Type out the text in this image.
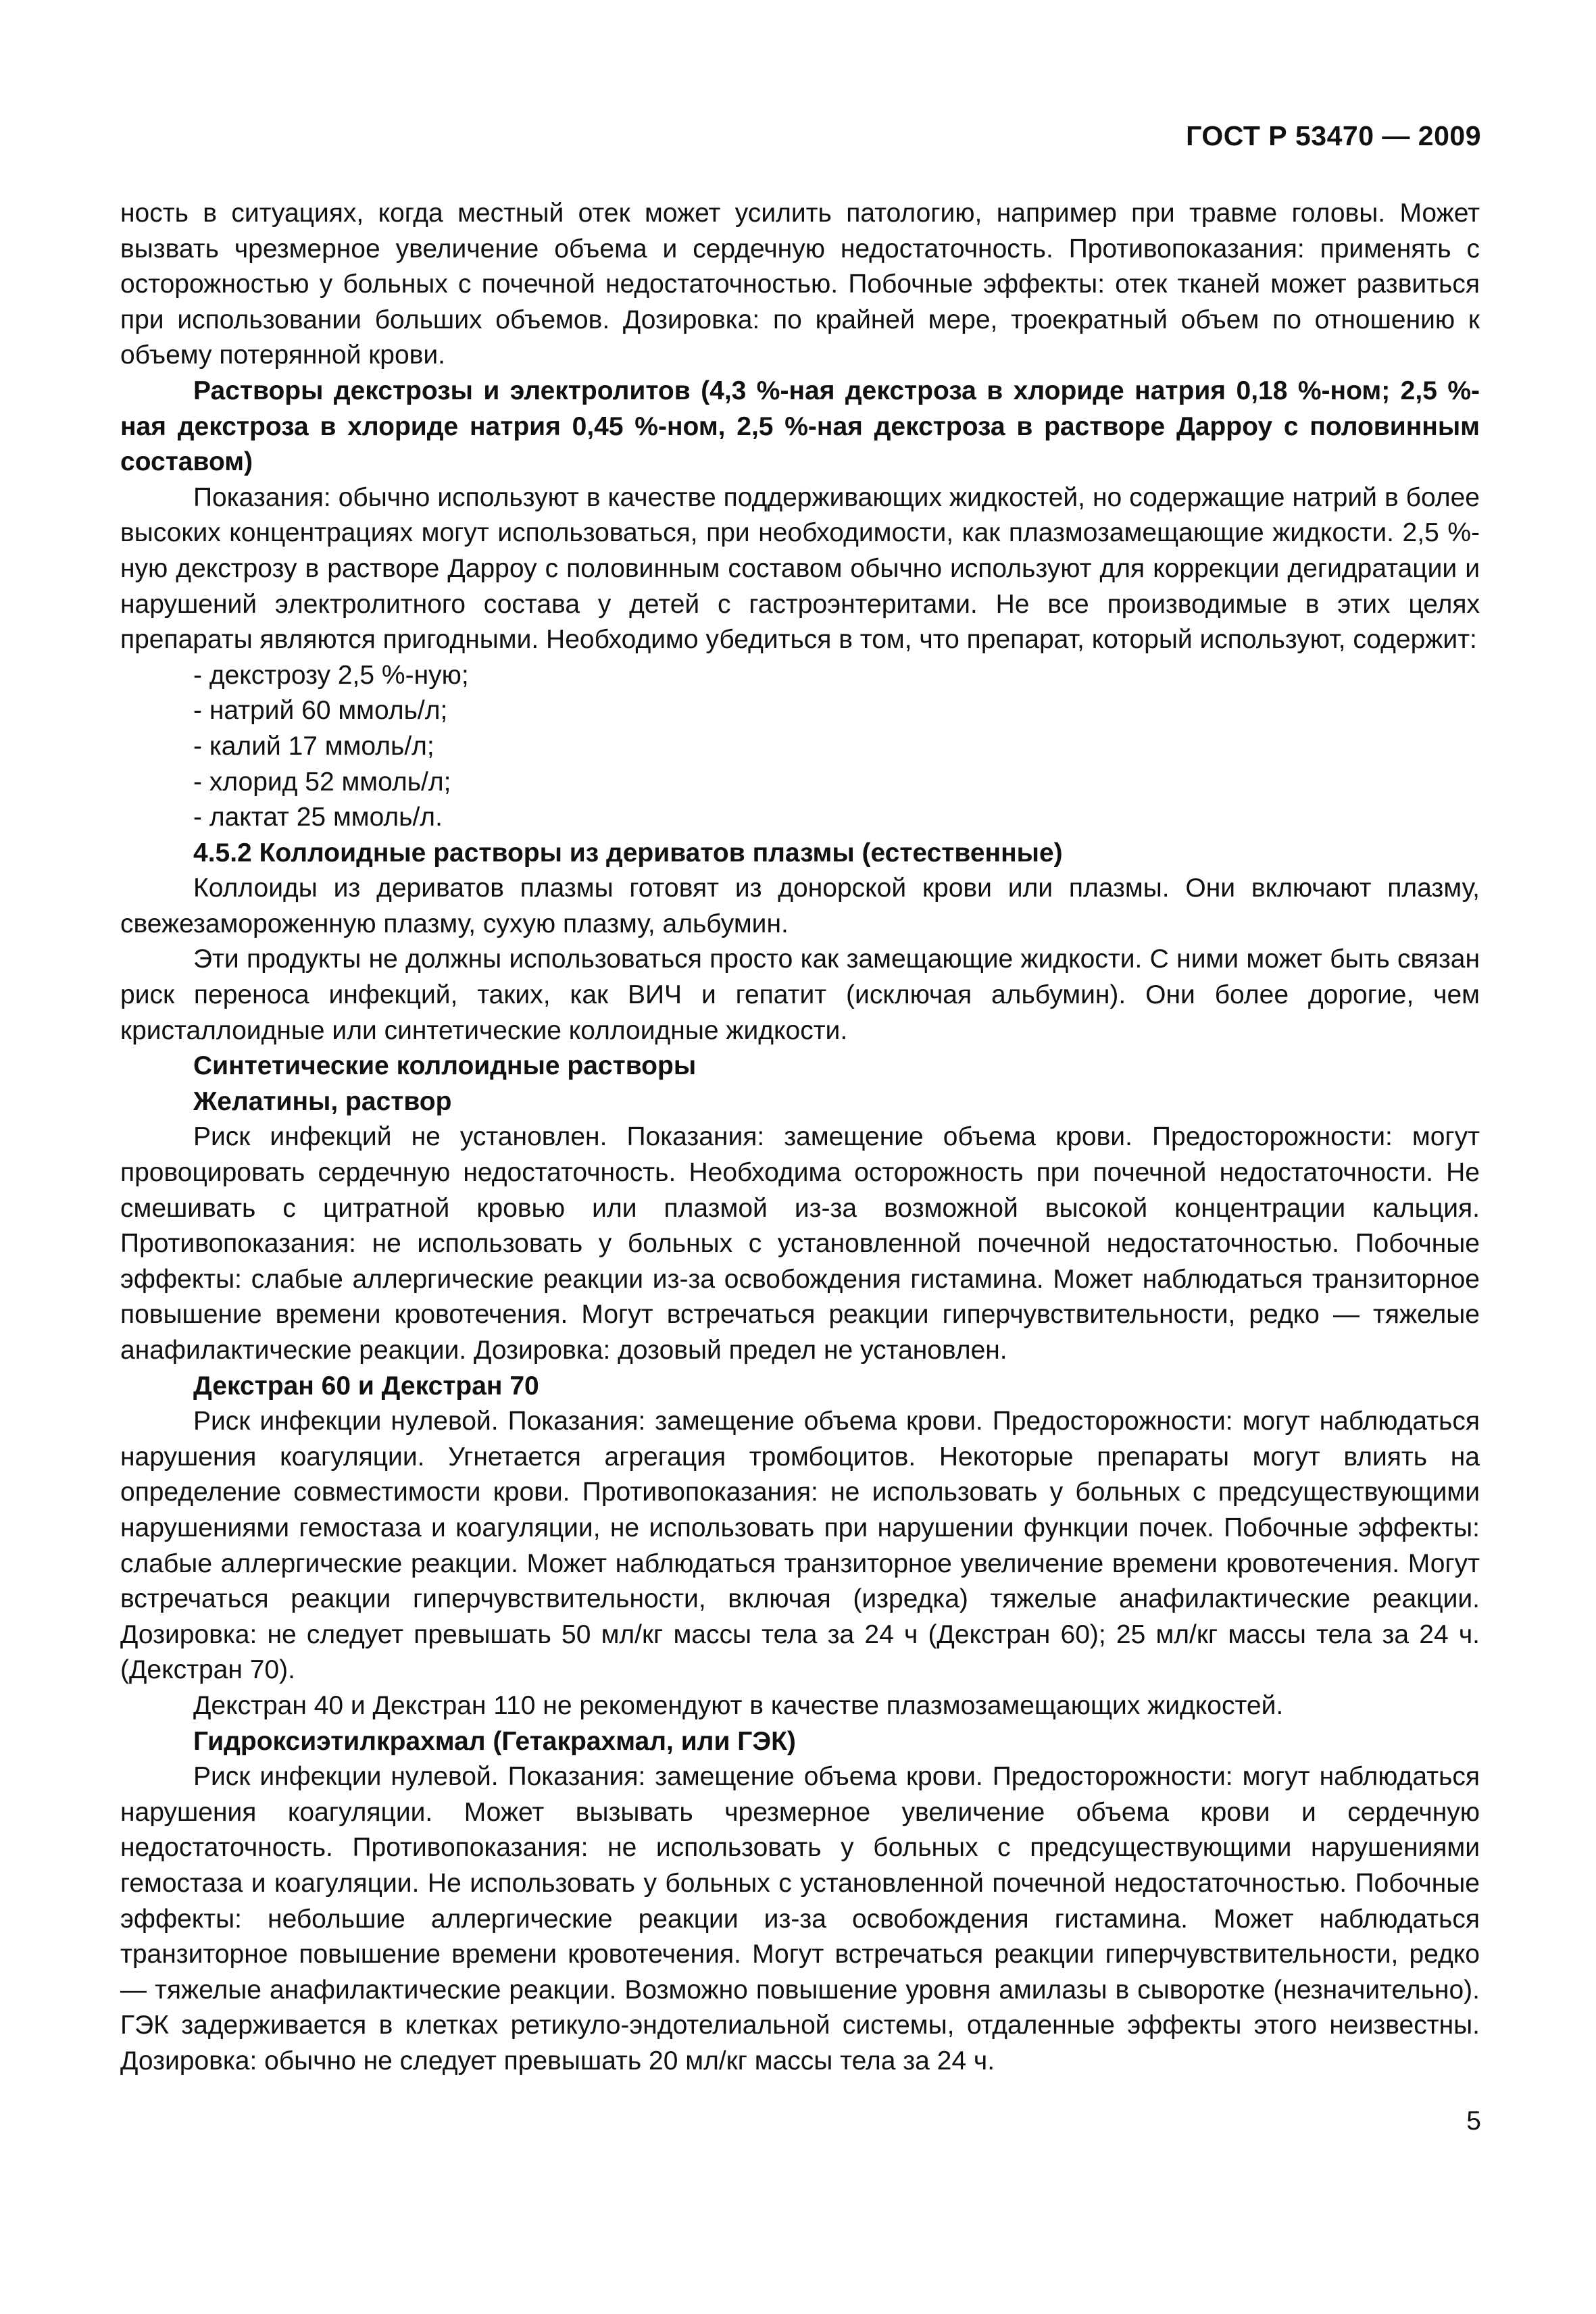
ГОСТ Р 53470 — 2009

ность в ситуациях, когда местный отек может усилить патологию, например при травме головы. Может вызвать чрезмерное увеличение объема и сердечную недостаточность. Противопоказания: применять с осторожностью у больных с почечной недостаточностью. Побочные эффекты: отек тканей может развиться при использовании больших объемов. Дозировка: по крайней мере, троекратный объем по отношению к объему потерянной крови.

Растворы декстрозы и электролитов (4,3 %-ная декстроза в хлориде натрия 0,18 %-ном; 2,5 %-ная декстроза в хлориде натрия 0,45 %-ном, 2,5 %-ная декстроза в растворе Дарроу с половинным составом)

Показания: обычно используют в качестве поддерживающих жидкостей, но содержащие натрий в более высоких концентрациях могут использоваться, при необходимости, как плазмозамещающие жидкости. 2,5 %-ную декстрозу в растворе Дарроу с половинным составом обычно используют для коррекции дегидратации и нарушений электролитного состава у детей с гастроэнтеритами. Не все производимые в этих целях препараты являются пригодными. Необходимо убедиться в том, что препарат, который используют, содержит:

- декстрозу 2,5 %-ную;

- натрий 60 ммоль/л;

- калий 17 ммоль/л;

- хлорид 52 ммоль/л;

- лактат 25 ммоль/л.

4.5.2 Коллоидные растворы из дериватов плазмы (естественные)

Коллоиды из дериватов плазмы готовят из донорской крови или плазмы. Они включают плазму, свежезамороженную плазму, сухую плазму, альбумин.

Эти продукты не должны использоваться просто как замещающие жидкости. С ними может быть связан риск переноса инфекций, таких, как ВИЧ и гепатит (исключая альбумин). Они более дорогие, чем кристаллоидные или синтетические коллоидные жидкости.

Синтетические коллоидные растворы

Желатины, раствор

Риск инфекций не установлен. Показания: замещение объема крови. Предосторожности: могут провоцировать сердечную недостаточность. Необходима осторожность при почечной недостаточности. Не смешивать с цитратной кровью или плазмой из-за возможной высокой концентрации кальция. Противопоказания: не использовать у больных с установленной почечной недостаточностью. Побочные эффекты: слабые аллергические реакции из-за освобождения гистамина. Может наблюдаться транзиторное повышение времени кровотечения. Могут встречаться реакции гиперчувствительности, редко — тяжелые анафилактические реакции. Дозировка: дозовый предел не установлен.

Декстран 60 и Декстран 70

Риск инфекции нулевой. Показания: замещение объема крови. Предосторожности: могут наблюдаться нарушения коагуляции. Угнетается агрегация тромбоцитов. Некоторые препараты могут влиять на определение совместимости крови. Противопоказания: не использовать у больных с предсуществующими нарушениями гемостаза и коагуляции, не использовать при нарушении функции почек. Побочные эффекты: слабые аллергические реакции. Может наблюдаться транзиторное увеличение времени кровотечения. Могут встречаться реакции гиперчувствительности, включая (изредка) тяжелые анафилактические реакции. Дозировка: не следует превышать 50 мл/кг массы тела за 24 ч (Декстран 60); 25 мл/кг массы тела за 24 ч. (Декстран 70).

Декстран 40 и Декстран 110 не рекомендуют в качестве плазмозамещающих жидкостей.

Гидроксиэтилкрахмал (Гетакрахмал, или ГЭК)

Риск инфекции нулевой. Показания: замещение объема крови. Предосторожности: могут наблюдаться нарушения коагуляции. Может вызывать чрезмерное увеличение объема крови и сердечную недостаточность. Противопоказания: не использовать у больных с предсуществующими нарушениями гемостаза и коагуляции. Не использовать у больных с установленной почечной недостаточностью. Побочные эффекты: небольшие аллергические реакции из-за освобождения гистамина. Может наблюдаться транзиторное повышение времени кровотечения. Могут встречаться реакции гиперчувствительности, редко — тяжелые анафилактические реакции. Возможно повышение уровня амилазы в сыворотке (незначительно). ГЭК задерживается в клетках ретикуло-эндотелиальной системы, отдаленные эффекты этого неизвестны. Дозировка: обычно не следует превышать 20 мл/кг массы тела за 24 ч.

5
